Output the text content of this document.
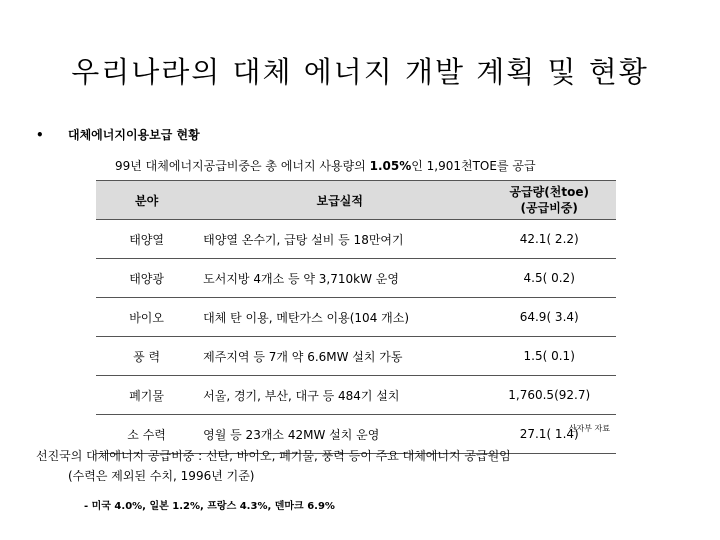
우리나라의 대체 에너지 개발 계획 및 현황
• 대체에너지이용보급 현황
99년 대체에너지공급비중은 총 에너지 사용량의 1.05%인 1,901천TOE를 공급
분야	보급실적	공급량(천toe)
(공급비중)

태양열	태양열 온수기, 급탕 설비 등 18만여기	42.1( 2.2)
태양광	도서지방 4개소 등 약 3,710kW 운영	4.5( 0.2)
바이오	대체 탄 이용, 메탄가스 이용(104 개소)	64.9( 3.4)
풍 력	제주지역 등 7개 약 6.6MW 설치 가동	1.5( 0.1)
폐기물	서울, 경기, 부산, 대구 등 484기 설치	1,760.5(92.7)
소 수력	영월 등 23개소 42MW 설치 운영	27.1( 1.4)
산자부 자료
선진국의 대체에너지 공급비중 : 신탄, 바이오, 폐기물, 풍력 등이 주요 대체에너지 공급원임
(수력은 제외된 수치, 1996년 기준)
- 미국 4.0%, 일본 1.2%, 프랑스 4.3%, 덴마크 6.9%
